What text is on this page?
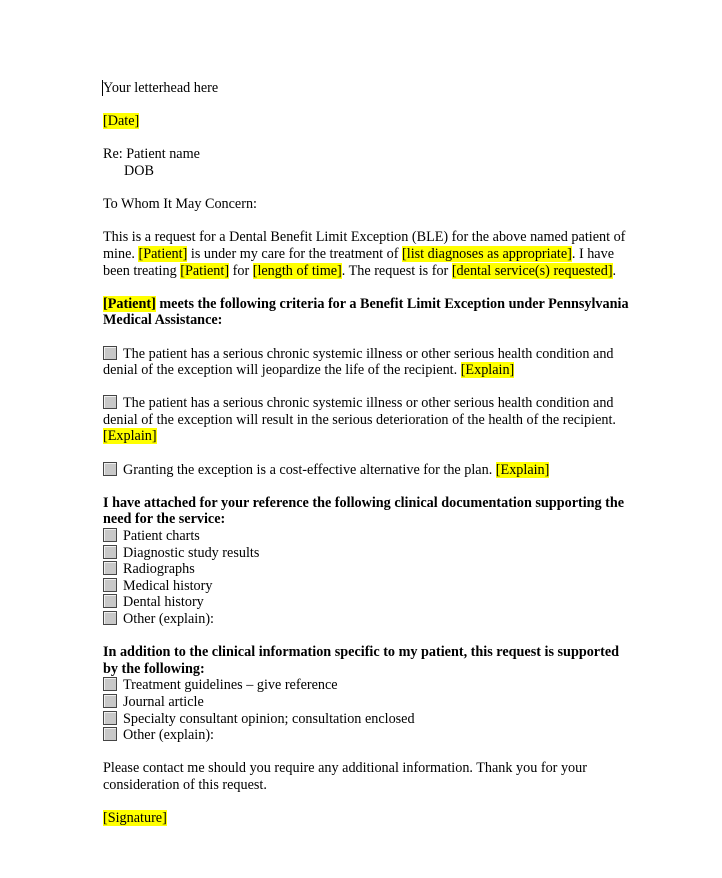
Your letterhead here

[Date]

Re: Patient name

DOB

To Whom It May Concern:

This is a request for a Dental Benefit Limit Exception (BLE) for the above named patient of mine. [Patient] is under my care for the treatment of [list diagnoses as appropriate]. I have been treating [Patient] for [length of time]. The request is for [dental service(s) requested].

[Patient] meets the following criteria for a Benefit Limit Exception under Pennsylvania Medical Assistance:

The patient has a serious chronic systemic illness or other serious health condition and denial of the exception will jeopardize the life of the recipient. [Explain]

The patient has a serious chronic systemic illness or other serious health condition and denial of the exception will result in the serious deterioration of the health of the recipient. [Explain]

Granting the exception is a cost-effective alternative for the plan. [Explain]

I have attached for your reference the following clinical documentation supporting the need for the service:

Patient charts

Diagnostic study results

Radiographs

Medical history

Dental history

Other (explain):

In addition to the clinical information specific to my patient, this request is supported by the following:

Treatment guidelines – give reference

Journal article

Specialty consultant opinion; consultation enclosed

Other (explain):

Please contact me should you require any additional information. Thank you for your consideration of this request.

[Signature]
